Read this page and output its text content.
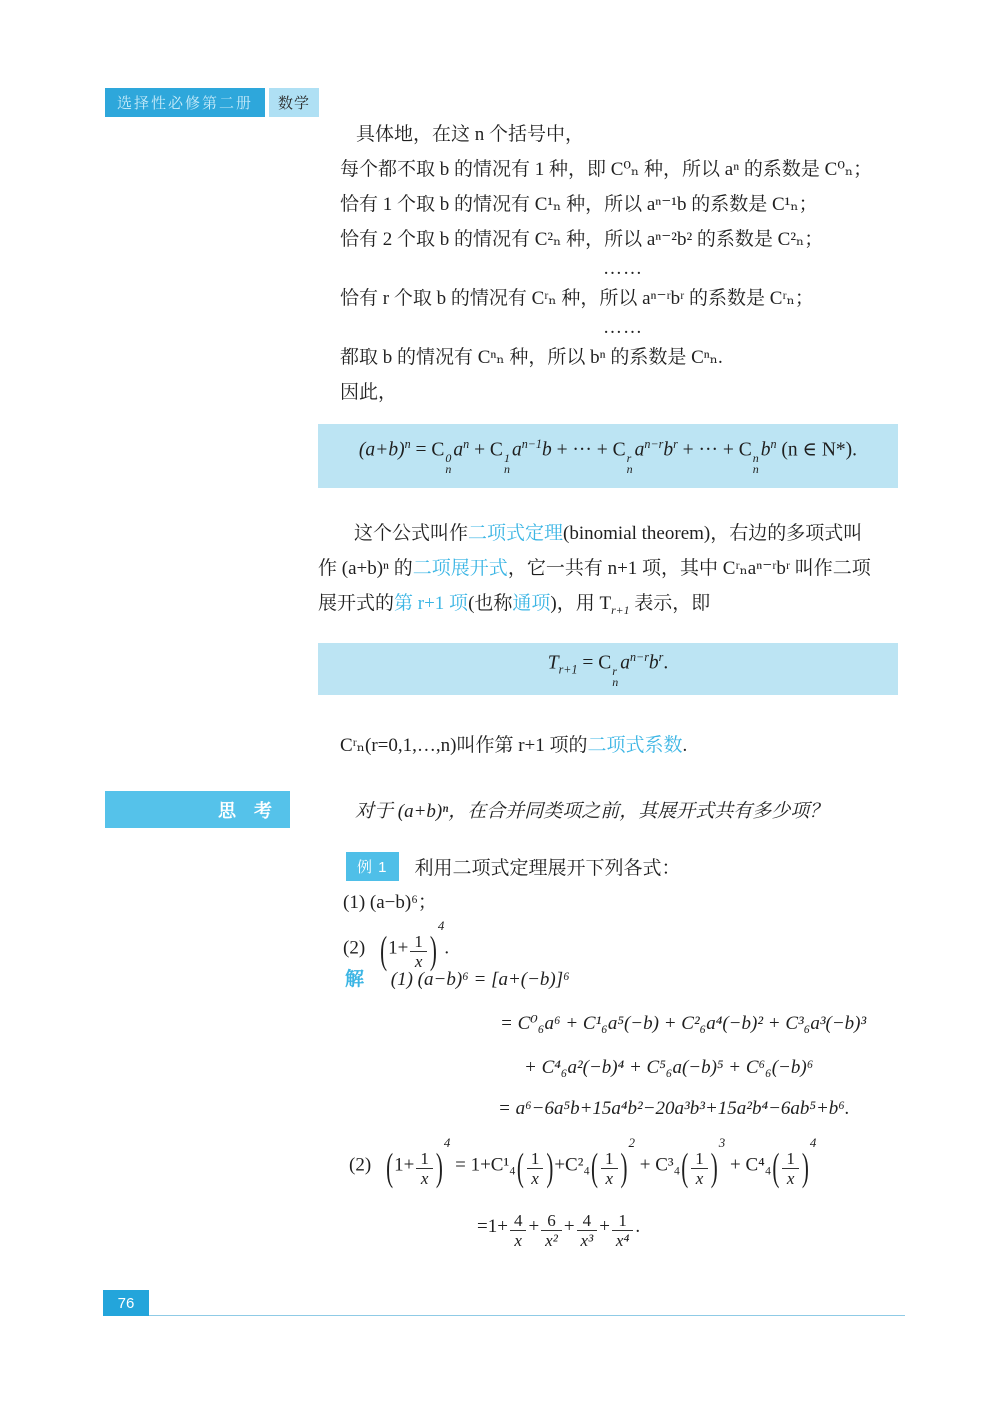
选择性必修第二册	数学

具体地，在这 n 个括号中，

每个都不取 b 的情况有 1 种，即 C⁰ₙ 种，所以 aⁿ 的系数是 C⁰ₙ；

恰有 1 个取 b 的情况有 C¹ₙ 种，所以 aⁿ⁻¹b 的系数是 C¹ₙ；

恰有 2 个取 b 的情况有 C²ₙ 种，所以 aⁿ⁻²b² 的系数是 C²ₙ；

……

恰有 r 个取 b 的情况有 Cʳₙ 种，所以 aⁿ⁻ʳbʳ 的系数是 Cʳₙ；

……

都取 b 的情况有 Cⁿₙ 种，所以 bⁿ 的系数是 Cⁿₙ.

因此，

$(a+b)^n = C$ 0
n
$a^n + C$ 1
n
$a^{n-1}b$ + ··· + C r
n
$a^{n-r}b^r$ + ··· + C n
n
$b^n$ (n ∈ N*).

这个公式叫作二项式定理(binomial theorem)，右边的多项式叫

作 (a+b)ⁿ 的二项展开式，它一共有 n+1 项，其中 Cʳₙaⁿ⁻ʳbʳ 叫作二项

展开式的第 r+1 项(也称通项)，用 $T_{r+1}$ 表示，即

$T_{r+1} = C$ r
n
$a^{n-r}b^r$.

Cʳₙ(r=0,1,…,n)叫作第 r+1 项的二项式系数.

思　考	对于 (a+b)ⁿ，在合并同类项之前，其展开式共有多少项？
例 1	利用二项式定理展开下列各式：

(1) (a−b)⁶；

(2) $(1+ \frac{1}{x} )^4$.
解 (1) (a−b)⁶ = [a+(−b)]⁶

= C⁰₆a⁶ + C¹₆a⁵(−b) + C²₆a⁴(−b)² + C³₆a³(−b)³

+ C⁴₆a²(−b)⁴ + C⁵₆a(−b)⁵ + C⁶₆(−b)⁶

= a⁶−6a⁵b+15a⁴b²−20a³b³+15a²b⁴−6ab⁵+b⁶.

(2) $(1+ \frac{1}{x} )^4 = 1+C^1_4( \frac{1}{x} )+C^2_4( \frac{1}{x} )^2 + C^3_4( \frac{1}{x} )^3 + C^4_4( \frac{1}{x} )^4$
$=1+ \frac{4}{x} + \frac{6}{\text{x²}} + \frac{4}{\text{x³}} + \frac{1}{\text{x⁴}}$ .
76
